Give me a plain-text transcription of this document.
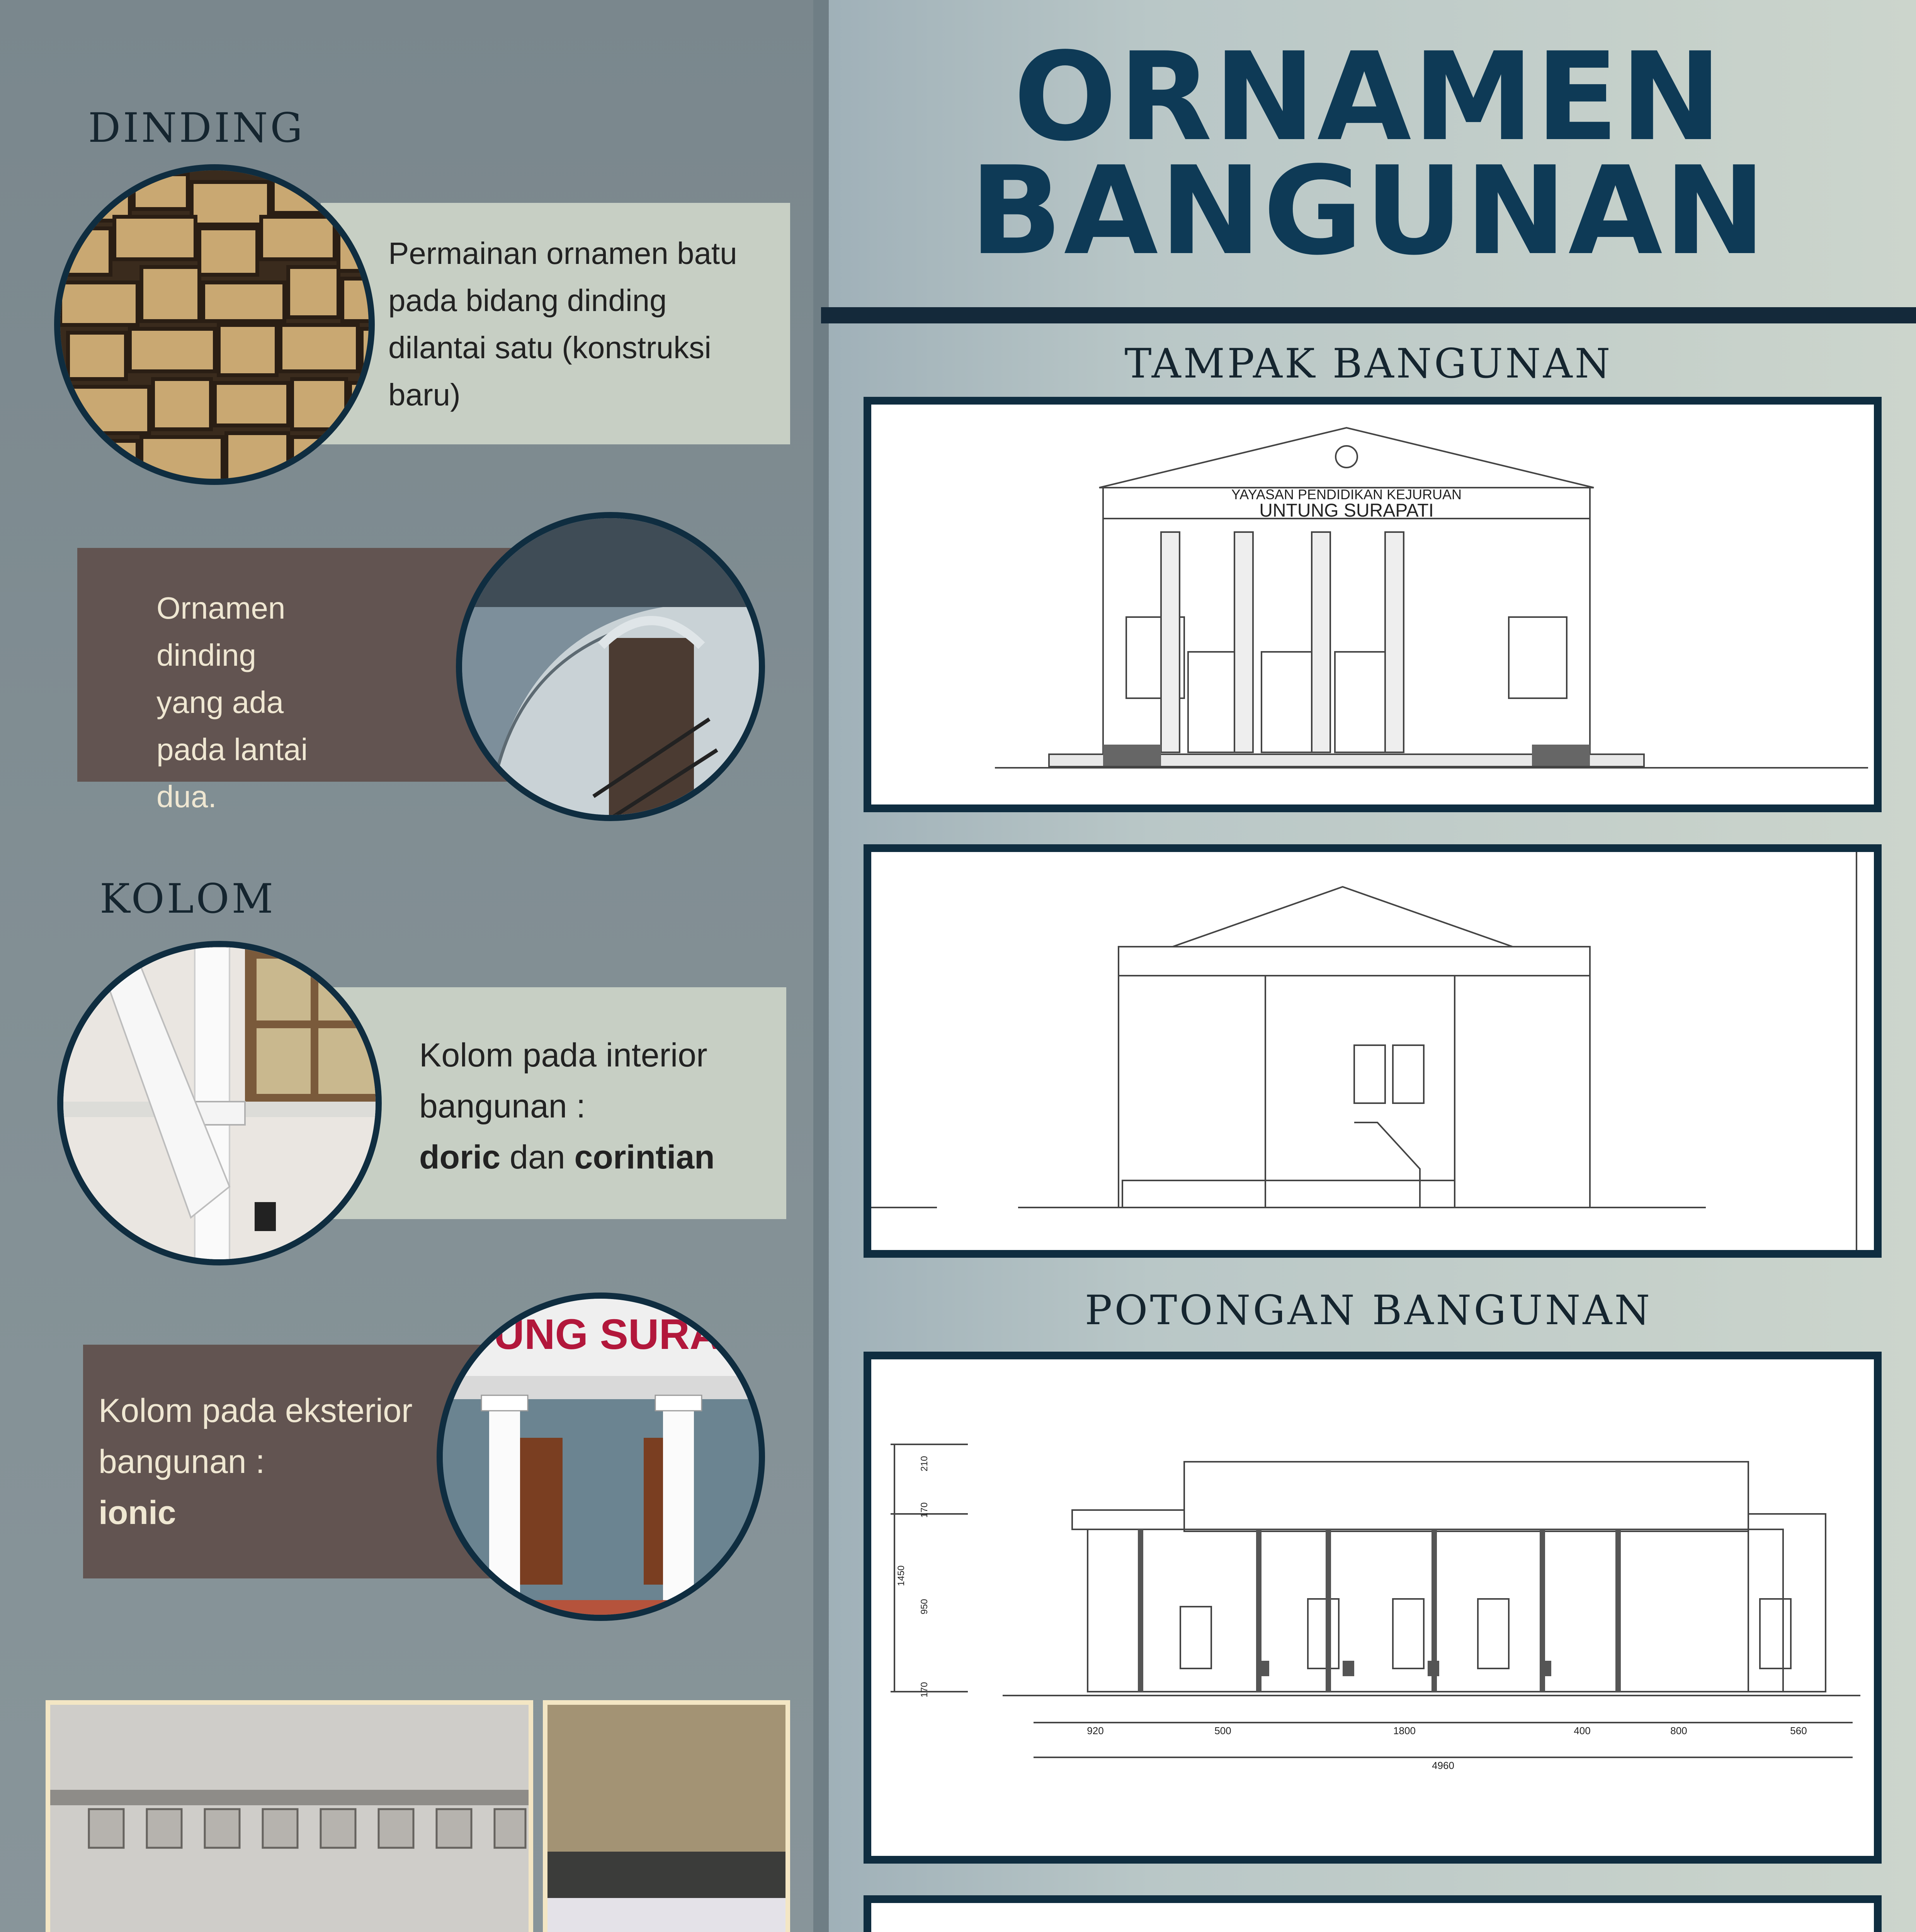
ORNAMEN
BANGUNAN
DINDING
Permainan ornamen batu pada bidang dinding dilantai satu (konstruksi baru)
Ornamen dinding yang ada pada lantai dua.
KOLOM
Kolom pada interior
bangunan :
doric dan corintian
Kolom pada eksterior
bangunan :
ionic
UNG SURA
TAMPAK BANGUNAN
YAYASAN PENDIDIKAN KEJURUAN
UNTUNG SURAPATI
POTONGAN BANGUNAN
920	500	1800	400	800	560
4960
210
170
950
170
1450
